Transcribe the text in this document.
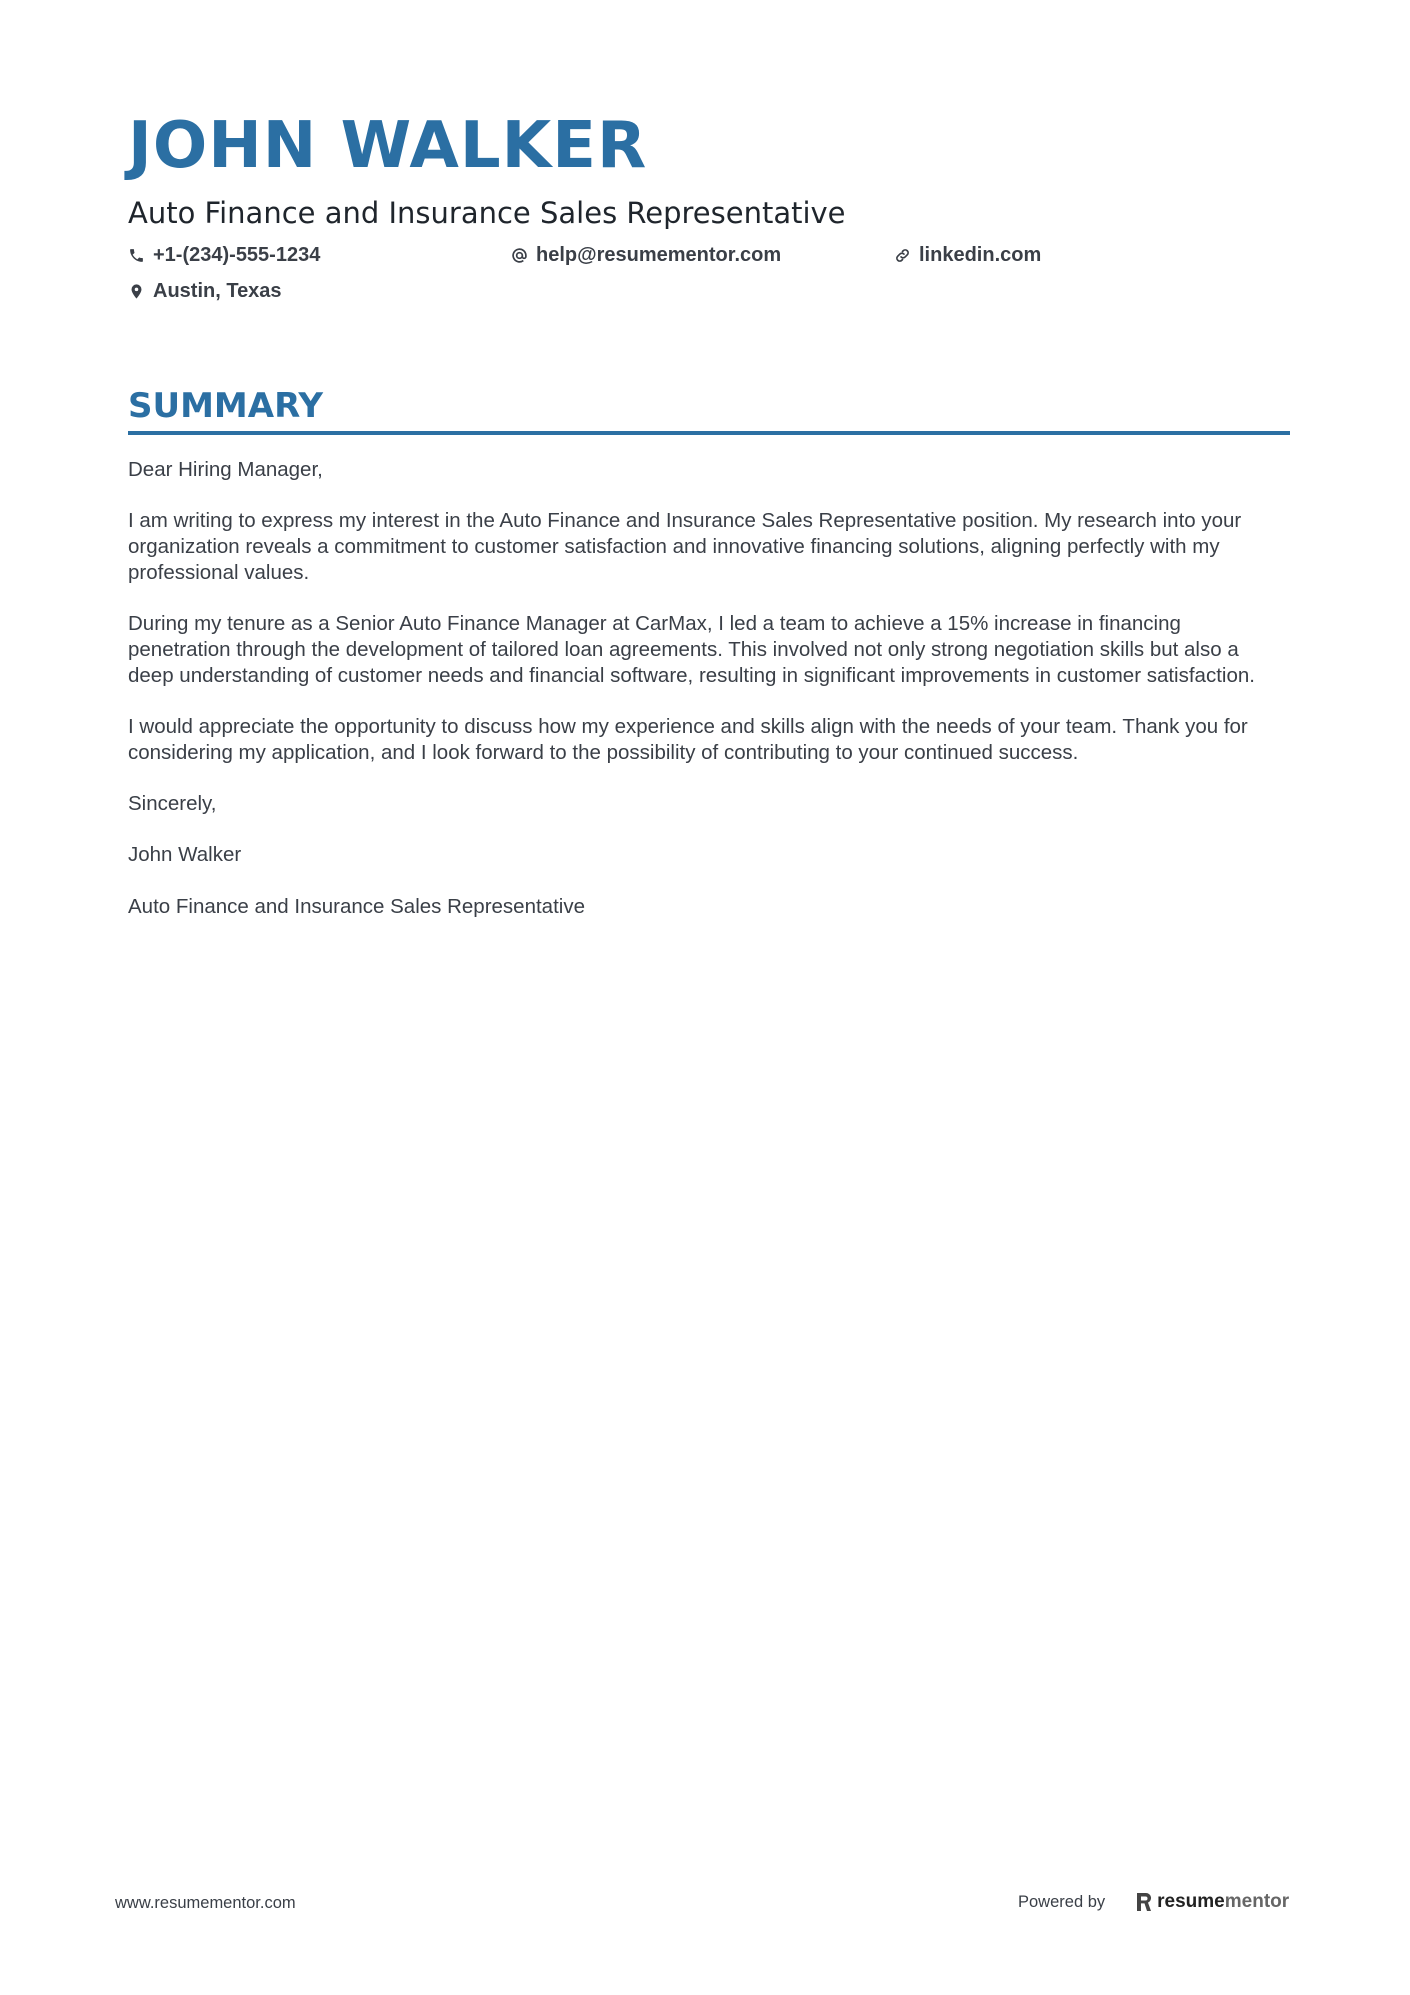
JOHN WALKER
Auto Finance and Insurance Sales Representative
+1-(234)-555-1234	help@resumementor.com	linkedin.com
Austin, Texas
SUMMARY

Dear Hiring Manager,

I am writing to express my interest in the Auto Finance and Insurance Sales Representative position. My research into your organization reveals a commitment to customer satisfaction and innovative financing solutions, aligning perfectly with my professional values.

During my tenure as a Senior Auto Finance Manager at CarMax, I led a team to achieve a 15% increase in financing penetration through the development of tailored loan agreements. This involved not only strong negotiation skills but also a deep understanding of customer needs and financial software, resulting in significant improvements in customer satisfaction.

I would appreciate the opportunity to discuss how my experience and skills align with the needs of your team. Thank you for considering my application, and I look forward to the possibility of contributing to your continued success.

Sincerely,

John Walker

Auto Finance and Insurance Sales Representative

www.resumementor.com	Powered by	resume mentor
